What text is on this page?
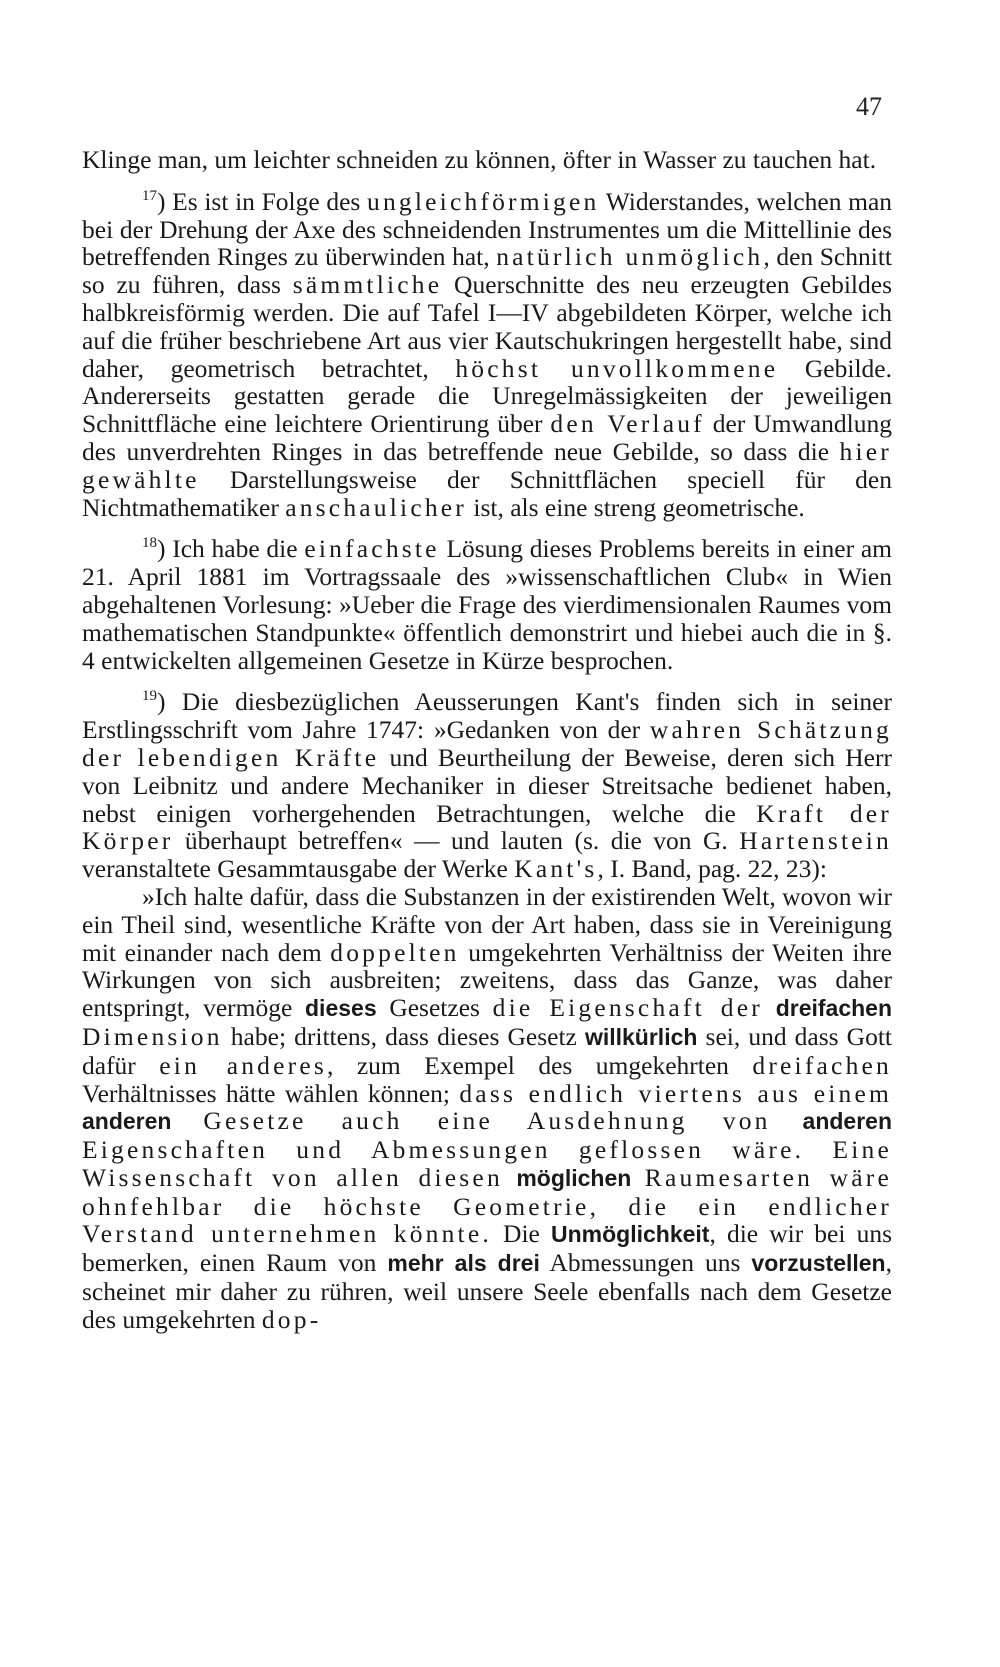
47

Klinge man, um leichter schneiden zu können, öfter in Wasser zu tauchen hat.

$^{17}$) Es ist in Folge des ungleichförmigen Widerstandes, welchen man bei der Drehung der Axe des schneidenden Instrumentes um die Mittellinie des betreffenden Ringes zu überwinden hat, natürlich unmöglich, den Schnitt so zu führen, dass sämmtliche Querschnitte des neu erzeugten Gebildes halbkreisförmig werden. Die auf Tafel I—IV abgebildeten Körper, welche ich auf die früher beschriebene Art aus vier Kautschukringen hergestellt habe, sind daher, geometrisch betrachtet, höchst unvollkommene Gebilde. Andererseits gestatten gerade die Unregelmässigkeiten der jeweiligen Schnittfläche eine leichtere Orientirung über den Verlauf der Umwandlung des unverdrehten Ringes in das betreffende neue Gebilde, so dass die hier gewählte Darstellungsweise der Schnittflächen speciell für den Nichtmathematiker anschaulicher ist, als eine streng geometrische.

$^{18}$) Ich habe die einfachste Lösung dieses Problems bereits in einer am 21. April 1881 im Vortragssaale des »wissenschaftlichen Club« in Wien abgehaltenen Vorlesung: »Ueber die Frage des vierdimensionalen Raumes vom mathematischen Standpunkte« öffentlich demonstrirt und hiebei auch die in §. 4 entwickelten allgemeinen Gesetze in Kürze besprochen.

$^{19}$) Die diesbezüglichen Aeusserungen Kant's finden sich in seiner Erstlingsschrift vom Jahre 1747: »Gedanken von der wahren Schätzung der lebendigen Kräfte und Beurtheilung der Beweise, deren sich Herr von Leibnitz und andere Mechaniker in dieser Streitsache bedienet haben, nebst einigen vorhergehenden Betrachtungen, welche die Kraft der Körper überhaupt betreffen« — und lauten (s. die von G. Hartenstein veranstaltete Gesammtausgabe der Werke Kant's, I. Band, pag. 22, 23):

»Ich halte dafür, dass die Substanzen in der existirenden Welt, wovon wir ein Theil sind, wesentliche Kräfte von der Art haben, dass sie in Vereinigung mit einander nach dem doppelten umgekehrten Verhältniss der Weiten ihre Wirkungen von sich ausbreiten; zweitens, dass das Ganze, was daher entspringt, vermöge dieses Gesetzes die Eigenschaft der dreifachen Dimension habe; drittens, dass dieses Gesetz willkürlich sei, und dass Gott dafür ein anderes, zum Exempel des umgekehrten dreifachen Verhältnisses hätte wählen können; dass endlich viertens aus einem anderen Gesetze auch eine Ausdehnung von anderen Eigenschaften und Abmessungen geflossen wäre. Eine Wissenschaft von allen diesen möglichen Raumesarten wäre ohnfehlbar die höchste Geometrie, die ein endlicher Verstand unternehmen könnte. Die Unmöglichkeit, die wir bei uns bemerken, einen Raum von mehr als drei Abmessungen uns vorzustellen, scheinet mir daher zu rühren, weil unsere Seele ebenfalls nach dem Gesetze des umgekehrten dop-
